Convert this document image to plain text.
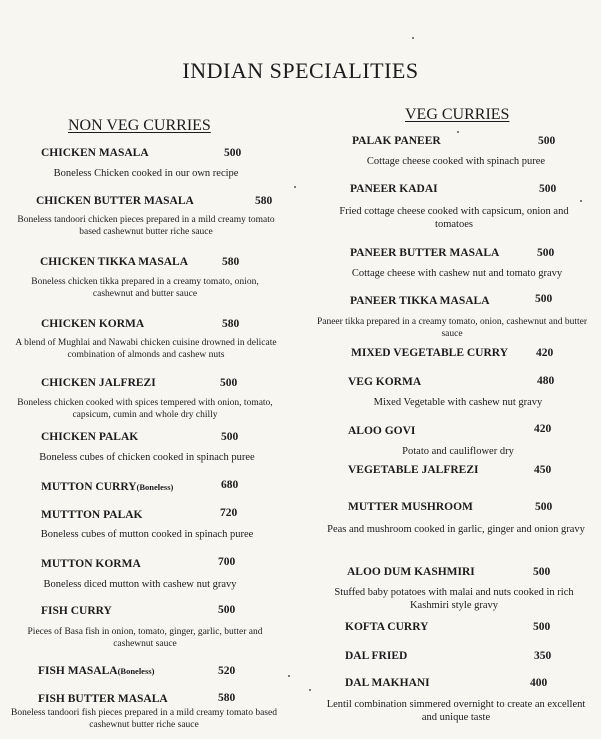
INDIAN SPECIALITIES
NON VEG CURRIES
CHICKEN MASALA	500
Boneless Chicken cooked in our own recipe
CHICKEN BUTTER MASALA	580
Boneless tandoori chicken pieces prepared in a mild creamy tomato based cashewnut butter riche sauce
CHICKEN TIKKA MASALA	580
Boneless chicken tikka prepared in a creamy tomato, onion, cashewnut and butter sauce
CHICKEN KORMA	580
A blend of Mughlai and Nawabi chicken cuisine drowned in delicate combination of almonds and cashew nuts
CHICKEN JALFREZI	500
Boneless chicken cooked with spices tempered with onion, tomato, capsicum, cumin and whole dry chilly
CHICKEN PALAK	500
Boneless cubes of chicken cooked in spinach puree
MUTTON CURRY(Boneless)	680
MUTTTON PALAK	720
Boneless cubes of mutton cooked in spinach puree
MUTTON KORMA	700
Boneless diced mutton with cashew nut gravy
FISH CURRY	500
Pieces of Basa fish in onion, tomato, ginger, garlic, butter and cashewnut sauce
FISH MASALA(Boneless)	520
FISH BUTTER MASALA	580
Boneless tandoori fish pieces prepared in a mild creamy tomato based cashewnut butter riche sauce
VEG CURRIES
PALAK PANEER	500
Cottage cheese cooked with spinach puree
PANEER KADAI	500
Fried cottage cheese cooked with capsicum, onion and tomatoes
PANEER BUTTER MASALA	500
Cottage cheese with cashew nut and tomato gravy
PANEER TIKKA MASALA	500
Paneer tikka prepared in a creamy tomato, onion, cashewnut and butter sauce
MIXED VEGETABLE CURRY 420
VEG KORMA	480
Mixed Vegetable with cashew nut gravy
ALOO GOVI	420
Potato and cauliflower dry
VEGETABLE JALFREZI	450
MUTTER MUSHROOM	500
Peas and mushroom cooked in garlic, ginger and onion gravy
ALOO DUM KASHMIRI	500
Stuffed baby potatoes with malai and nuts cooked in rich Kashmiri style gravy
KOFTA CURRY	500
DAL FRIED	350
DAL MAKHANI	400
Lentil combination simmered overnight to create an excellent and unique taste
